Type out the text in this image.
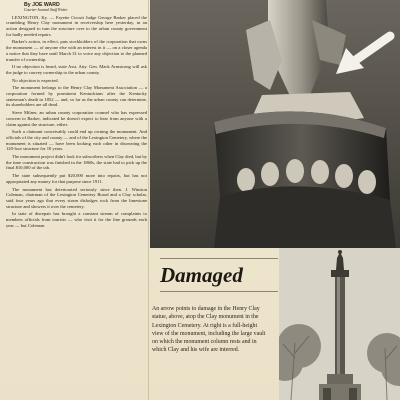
By JOE WARD
Courier-Journal Staff Writer

LEXINGTON, Ky. — Fayette Circuit Judge George Barker placed the crumbling Henry Clay monument in receivership here yesterday, in an action designed to turn the structure over to the urban county government for badly needed repairs.

Barker's action, in effect, puts stockholders of the corporation that owns the monument — of anyone else with an interest in it — on a closer agenda a notice that they have until March 31 to voice any objection to the planned transfer of ownership.

If no objection is heard, state Asst. Atty. Gen. Mack Armstrong will ask the judge to convey ownership to the urban county.

No objection is expected.

The monument belongs to the Henry Clay Monument Association — a corporation formed by prominent Kentuckians after the Kentucky statesman's death in 1852 — and, so far as the urban county can determine, its shareholders are all dead.

Steve Milner, an urban county corporation counsel who has expressed concern to Barker, indicated he doesn't expect to hear from anyone with a claim against the structure, either.

Such a claimant conceivably could end up owning the monument. And officials of the city and county — and of the Lexington Cemetery, where the monument is situated — have been looking each other in disowning the 120-foot structure for 10 years.

The monument project didn't look for subscribers when Clay died, but by the time construction was finished in the 1860s, the state had to pick up the final $10,000 of the tab.

The state subsequently put $20,000 more into repairs, but has not appropriated any money for that purpose since 1911.

The monument has deteriorated seriously since then. J. Winston Coleman, chairman of the Lexington Cemetery Board and a Clay scholar, said four years ago that every storm dislodges rock from the limestone structure and showers it over the cemetery.

In state of disrepair has brought a constant stream of complaints to members officials from tourists — who visit it for the fine grounds each year — but Coleman

Damaged
An arrow points to damage in the Henry Clay statue, above, atop the Clay monument in the Lexington Cemetery. At right is a full-height view of the monument, including the large vault on which the monument column rests and in which Clay and his wife are interred.
